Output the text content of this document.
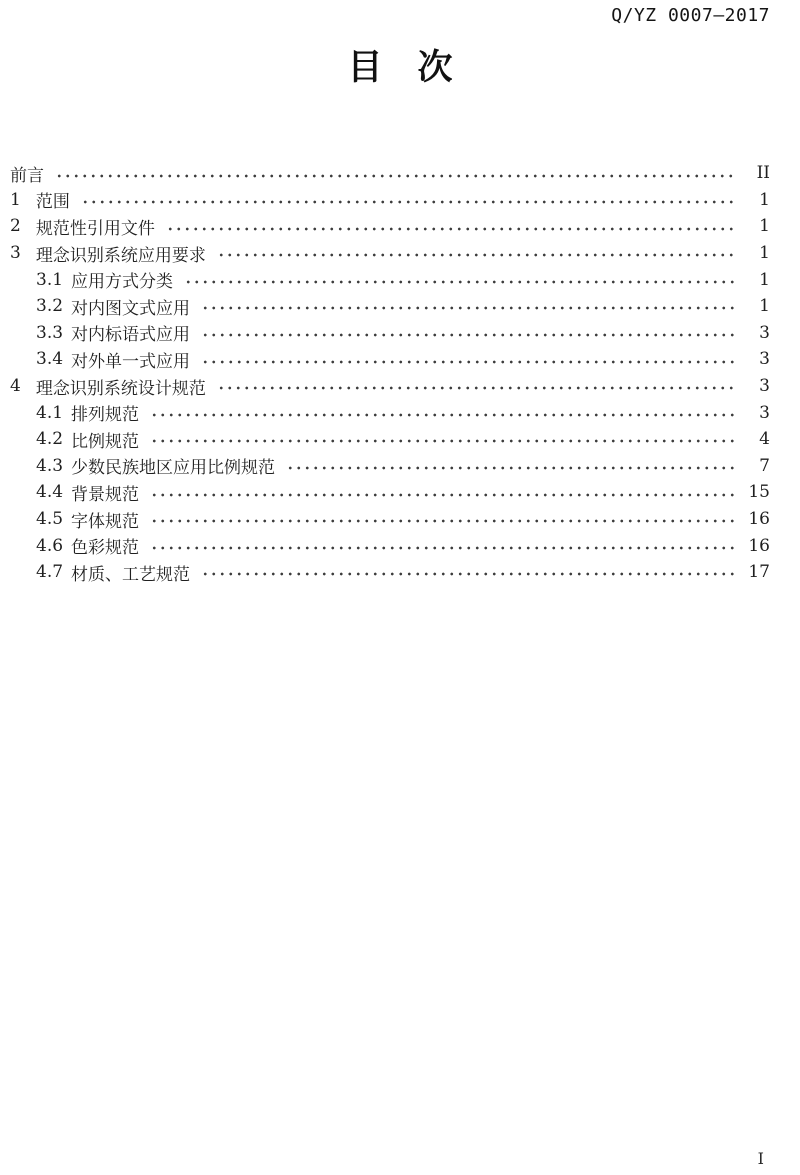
Q/YZ 0007—2017
目　次
前言	II
1 范围	1
2 规范性引用文件	1
3 理念识别系统应用要求	1
3.1 应用方式分类	1
3.2 对内图文式应用	1
3.3 对内标语式应用	3
3.4 对外单一式应用	3
4 理念识别系统设计规范	3
4.1 排列规范	3
4.2 比例规范	4
4.3 少数民族地区应用比例规范	7
4.4 背景规范	15
4.5 字体规范	16
4.6 色彩规范	16
4.7 材质、工艺规范	17
I
